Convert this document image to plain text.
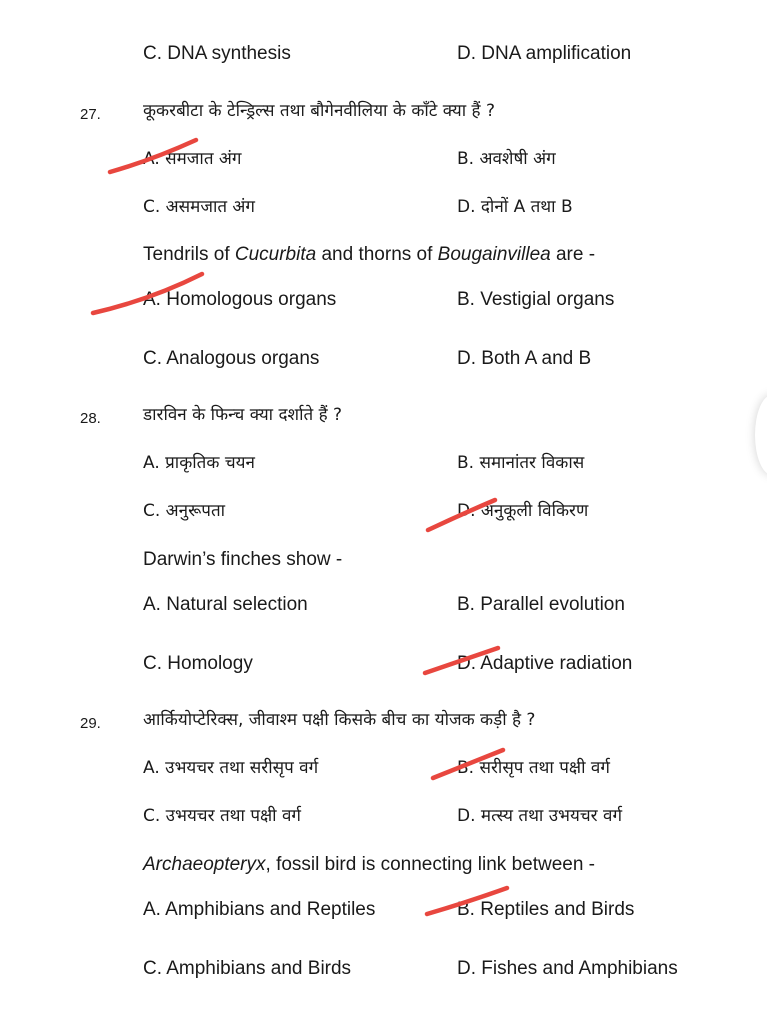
C. DNA synthesis	D. DNA amplification
27. कूकरबीटा के टेन्ड्रिल्स तथा बौगेनवीलिया के काँटे क्या हैं ?
A. समजात अंग	B. अवशेषी अंग
C. असमजात अंग	D. दोनों A तथा B
Tendrils of Cucurbita and thorns of Bougainvillea are -
A. Homologous organs	B. Vestigial organs
C. Analogous organs	D. Both A and B
28. डारविन के फिन्च क्या दर्शाते हैं ?
A. प्राकृतिक चयन	B. समानांतर विकास
C. अनुरूपता	D. अनुकूली विकिरण
Darwin’s finches show -
A. Natural selection	B. Parallel evolution
C. Homology	D. Adaptive radiation
29. आर्कियोप्टेरिक्स, जीवाश्म पक्षी किसके बीच का योजक कड़ी है ?
A. उभयचर तथा सरीसृप वर्ग	B. सरीसृप तथा पक्षी वर्ग
C. उभयचर तथा पक्षी वर्ग	D. मत्स्य तथा उभयचर वर्ग
Archaeopteryx, fossil bird is connecting link between -
A. Amphibians and Reptiles	B. Reptiles and Birds
C. Amphibians and Birds	D. Fishes and Amphibians
